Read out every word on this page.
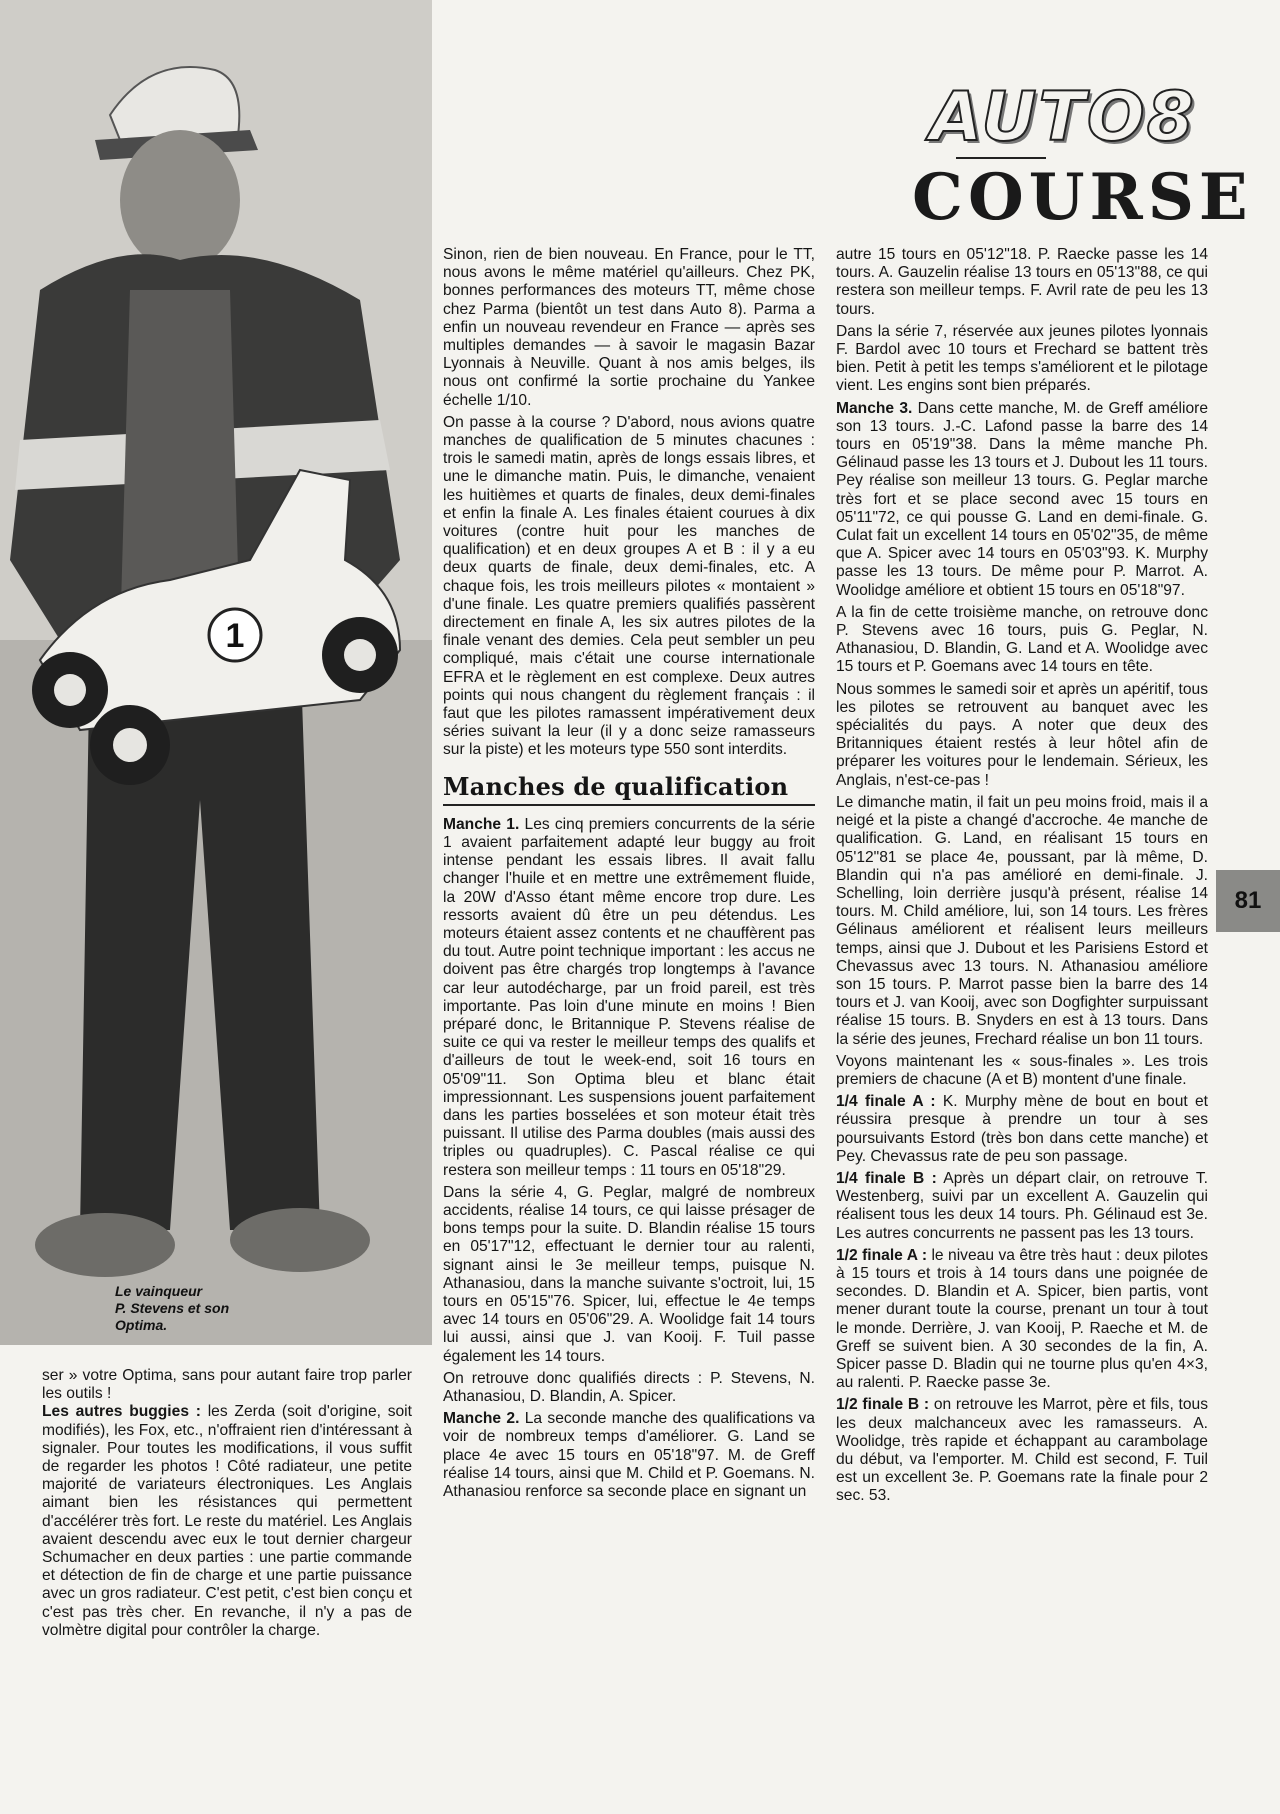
1
Le vainqueur
P. Stevens et son
Optima.
AUTO8
COURSE

Sinon, rien de bien nouveau. En France, pour le TT, nous avons le même matériel qu'ailleurs. Chez PK, bonnes performances des moteurs TT, même chose chez Parma (bientôt un test dans Auto 8). Parma a enfin un nouveau revendeur en France — après ses multiples demandes — à savoir le magasin Bazar Lyonnais à Neuville. Quant à nos amis belges, ils nous ont confirmé la sortie prochaine du Yankee échelle 1/10.

On passe à la course ? D'abord, nous avions quatre manches de qualification de 5 minutes chacunes : trois le samedi matin, après de longs essais libres, et une le dimanche matin. Puis, le dimanche, venaient les huitièmes et quarts de finales, deux demi-finales et enfin la finale A. Les finales étaient courues à dix voitures (contre huit pour les manches de qualification) et en deux groupes A et B : il y a eu deux quarts de finale, deux demi-finales, etc. A chaque fois, les trois meilleurs pilotes « montaient » d'une finale. Les quatre premiers qualifiés passèrent directement en finale A, les six autres pilotes de la finale venant des demies. Cela peut sembler un peu compliqué, mais c'était une course internationale EFRA et le règlement en est complexe. Deux autres points qui nous changent du règlement français : il faut que les pilotes ramassent impérativement deux séries suivant la leur (il y a donc seize ramasseurs sur la piste) et les moteurs type 550 sont interdits.

Manches de qualification

Manche 1. Les cinq premiers concurrents de la série 1 avaient parfaitement adapté leur buggy au froit intense pendant les essais libres. Il avait fallu changer l'huile et en mettre une extrêmement fluide, la 20W d'Asso étant même encore trop dure. Les ressorts avaient dû être un peu détendus. Les moteurs étaient assez contents et ne chauffèrent pas du tout. Autre point technique important : les accus ne doivent pas être chargés trop longtemps à l'avance car leur autodécharge, par un froid pareil, est très importante. Pas loin d'une minute en moins ! Bien préparé donc, le Britannique P. Stevens réalise de suite ce qui va rester le meilleur temps des qualifs et d'ailleurs de tout le week-end, soit 16 tours en 05'09"11. Son Optima bleu et blanc était impressionnant. Les suspensions jouent parfaitement dans les parties bosselées et son moteur était très puissant. Il utilise des Parma doubles (mais aussi des triples ou quadruples). C. Pascal réalise ce qui restera son meilleur temps : 11 tours en 05'18"29.

Dans la série 4, G. Peglar, malgré de nombreux accidents, réalise 14 tours, ce qui laisse présager de bons temps pour la suite. D. Blandin réalise 15 tours en 05'17"12, effectuant le dernier tour au ralenti, signant ainsi le 3e meilleur temps, puisque N. Athanasiou, dans la manche suivante s'octroit, lui, 15 tours en 05'15"76. Spicer, lui, effectue le 4e temps avec 14 tours en 05'06"29. A. Woolidge fait 14 tours lui aussi, ainsi que J. van Kooij. F. Tuil passe également les 14 tours.

On retrouve donc qualifiés directs : P. Stevens, N. Athanasiou, D. Blandin, A. Spicer.

Manche 2. La seconde manche des qualifications va voir de nombreux temps d'améliorer. G. Land se place 4e avec 15 tours en 05'18"97. M. de Greff réalise 14 tours, ainsi que M. Child et P. Goemans. N. Athanasiou renforce sa seconde place en signant un

autre 15 tours en 05'12"18. P. Raecke passe les 14 tours. A. Gauzelin réalise 13 tours en 05'13"88, ce qui restera son meilleur temps. F. Avril rate de peu les 13 tours.

Dans la série 7, réservée aux jeunes pilotes lyonnais F. Bardol avec 10 tours et Frechard se battent très bien. Petit à petit les temps s'améliorent et le pilotage vient. Les engins sont bien préparés.

Manche 3. Dans cette manche, M. de Greff améliore son 13 tours. J.-C. Lafond passe la barre des 14 tours en 05'19"38. Dans la même manche Ph. Gélinaud passe les 13 tours et J. Dubout les 11 tours. Pey réalise son meilleur 13 tours. G. Peglar marche très fort et se place second avec 15 tours en 05'11"72, ce qui pousse G. Land en demi-finale. G. Culat fait un excellent 14 tours en 05'02"35, de même que A. Spicer avec 14 tours en 05'03"93. K. Murphy passe les 13 tours. De même pour P. Marrot. A. Woolidge améliore et obtient 15 tours en 05'18"97.

A la fin de cette troisième manche, on retrouve donc P. Stevens avec 16 tours, puis G. Peglar, N. Athanasiou, D. Blandin, G. Land et A. Woolidge avec 15 tours et P. Goemans avec 14 tours en tête.

Nous sommes le samedi soir et après un apéritif, tous les pilotes se retrouvent au banquet avec les spécialités du pays. A noter que deux des Britanniques étaient restés à leur hôtel afin de préparer les voitures pour le lendemain. Sérieux, les Anglais, n'est-ce-pas !

Le dimanche matin, il fait un peu moins froid, mais il a neigé et la piste a changé d'accroche. 4e manche de qualification. G. Land, en réalisant 15 tours en 05'12"81 se place 4e, poussant, par là même, D. Blandin qui n'a pas amélioré en demi-finale. J. Schelling, loin derrière jusqu'à présent, réalise 14 tours. M. Child améliore, lui, son 14 tours. Les frères Gélinaus améliorent et réalisent leurs meilleurs temps, ainsi que J. Dubout et les Parisiens Estord et Chevassus avec 13 tours. N. Athanasiou améliore son 15 tours. P. Marrot passe bien la barre des 14 tours et J. van Kooij, avec son Dogfighter surpuissant réalise 15 tours. B. Snyders en est à 13 tours. Dans la série des jeunes, Frechard réalise un bon 11 tours.

Voyons maintenant les « sous-finales ». Les trois premiers de chacune (A et B) montent d'une finale.

1/4 finale A : K. Murphy mène de bout en bout et réussira presque à prendre un tour à ses poursuivants Estord (très bon dans cette manche) et Pey. Chevassus rate de peu son passage.

1/4 finale B : Après un départ clair, on retrouve T. Westenberg, suivi par un excellent A. Gauzelin qui réalisent tous les deux 14 tours. Ph. Gélinaud est 3e. Les autres concurrents ne passent pas les 13 tours.

1/2 finale A : le niveau va être très haut : deux pilotes à 15 tours et trois à 14 tours dans une poignée de secondes. D. Blandin et A. Spicer, bien partis, vont mener durant toute la course, prenant un tour à tout le monde. Derrière, J. van Kooij, P. Raeche et M. de Greff se suivent bien. A 30 secondes de la fin, A. Spicer passe D. Bladin qui ne tourne plus qu'en 4×3, au ralenti. P. Raecke passe 3e.

1/2 finale B : on retrouve les Marrot, père et fils, tous les deux malchanceux avec les ramasseurs. A. Woolidge, très rapide et échappant au carambolage du début, va l'emporter. M. Child est second, F. Tuil est un excellent 3e. P. Goemans rate la finale pour 2 sec. 53.

ser » votre Optima, sans pour autant faire trop parler les outils !

Les autres buggies : les Zerda (soit d'origine, soit modifiés), les Fox, etc., n'offraient rien d'intéressant à signaler. Pour toutes les modifications, il vous suffit de regarder les photos ! Côté radiateur, une petite majorité de variateurs électroniques. Les Anglais aimant bien les résistances qui permettent d'accélérer très fort. Le reste du matériel. Les Anglais avaient descendu avec eux le tout dernier chargeur Schumacher en deux parties : une partie commande et détection de fin de charge et une partie puissance avec un gros radiateur. C'est petit, c'est bien conçu et c'est pas très cher. En revanche, il n'y a pas de volmètre digital pour contrôler la charge.

81
